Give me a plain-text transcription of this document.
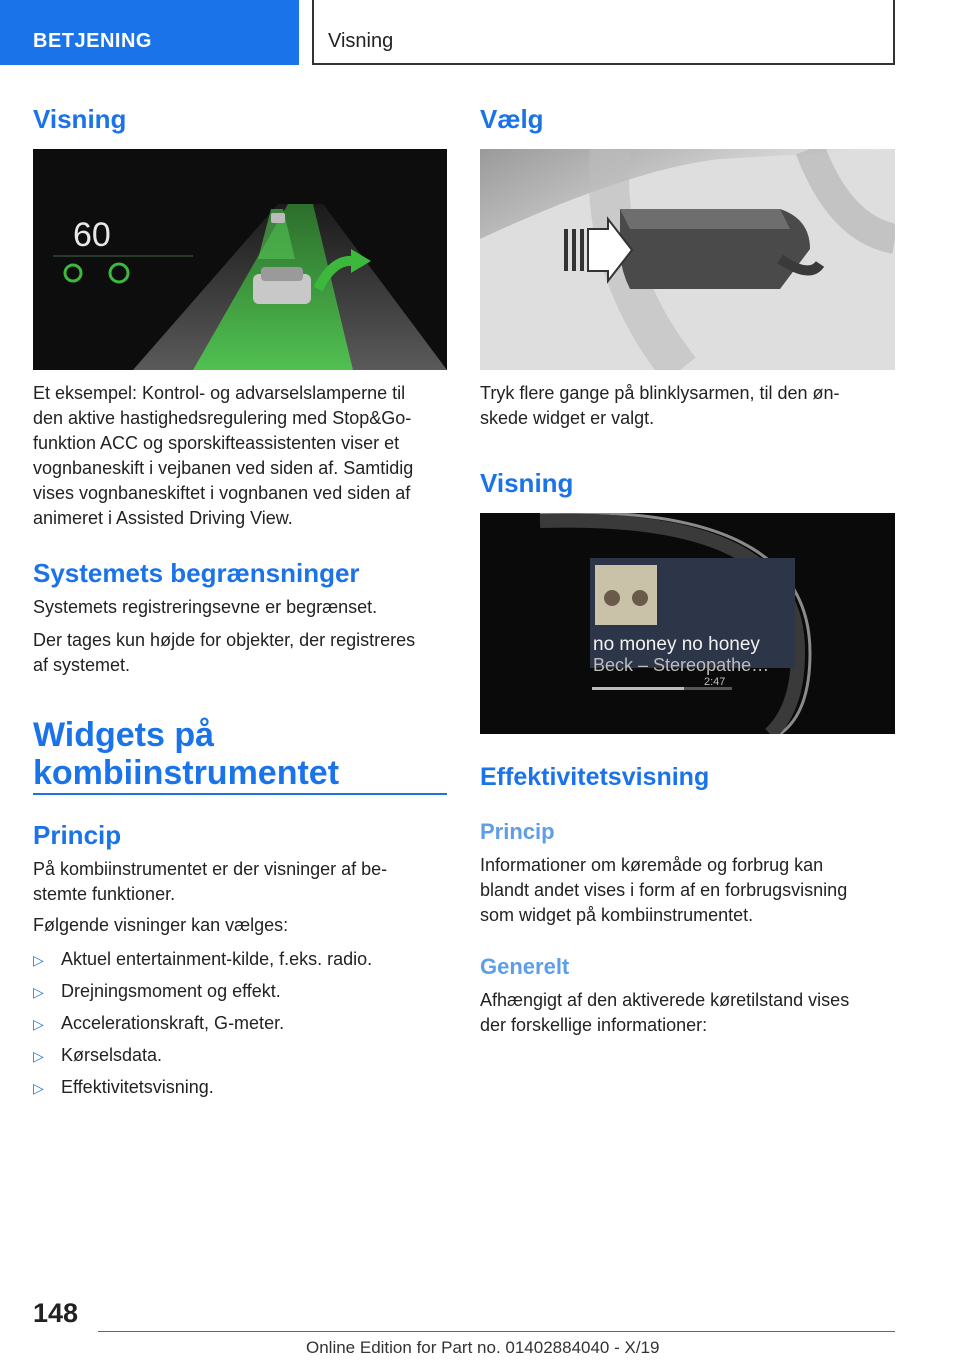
BETJENING	Visning
Visning
60

Et eksempel: Kontrol- og advarselslamperne til
den aktive hastighedsregulering med Stop&Go-
funktion ACC og sporskifteassistenten viser et
vognbaneskift i vejbanen ved siden af. Samtidig
vises vognbaneskiftet i vognbanen ved siden af
animeret i Assisted Driving View.

Systemets begrænsninger

Systemets registreringsevne er begrænset.

Der tages kun højde for objekter, der registreres
af systemet.

Widgets på
kombiinstrumentet
Princip

På kombiinstrumentet er der visninger af be-
stemte funktioner.

Følgende visninger kan vælges:

▷ Aktuel entertainment-kilde, f.eks. radio.
▷ Drejningsmoment og effekt.
▷ Accelerationskraft, G-meter.
▷ Kørselsdata.
▷ Effektivitetsvisning.
Vælg

Tryk flere gange på blinklysarmen, til den øn-
skede widget er valgt.

Visning
no money no honey
Beck – Stereopathe…
2:47
Effektivitetsvisning
Princip

Informationer om køremåde og forbrug kan
blandt andet vises i form af en forbrugsvisning
som widget på kombiinstrumentet.

Generelt

Afhængigt af den aktiverede køretilstand vises
der forskellige informationer:

148
Online Edition for Part no. 01402884040 - X/19
